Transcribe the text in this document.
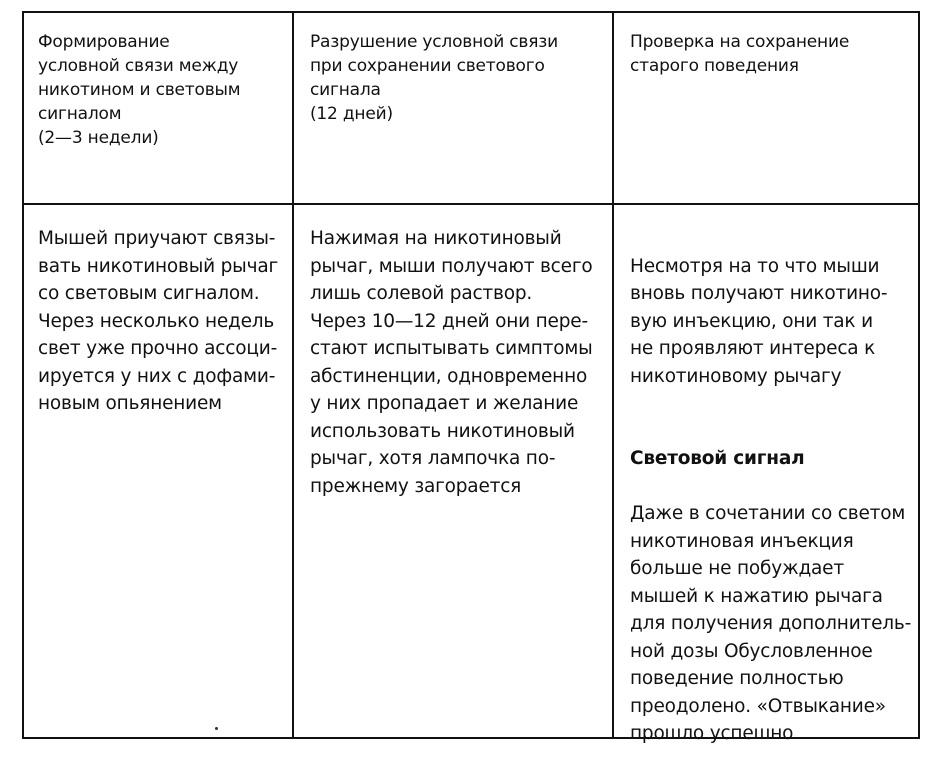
Формирование
условной связи между
никотином и световым
сигналом
(2—3 недели)
Разрушение условной связи
при сохранении светового
сигнала
(12 дней)
Проверка на сохранение
старого поведения
Мышей приучают связы-
вать никотиновый рычаг
со световым сигналом.
Через несколько недель
свет уже прочно ассоци-
ируется у них с дофами-
новым опьянением
Нажимая на никотиновый
рычаг, мыши получают всего
лишь солевой раствор.
Через 10—12 дней они пере-
стают испытывать симптомы
абстиненции, одновременно
у них пропадает и желание
использовать никотиновый
рычаг, хотя лампочка по-
прежнему загорается

Несмотря на то что мыши
вновь получают никотино-
вую инъекцию, они так и
не проявляют интереса к
никотиновому рычагу

Световой сигнал

Даже в сочетании со светом
никотиновая инъекция
больше не побуждает
мышей к нажатию рычага
для получения дополнитель-
ной дозы Обусловленное
поведение полностью
преодолено. «Отвыкание»
прошло успешно
